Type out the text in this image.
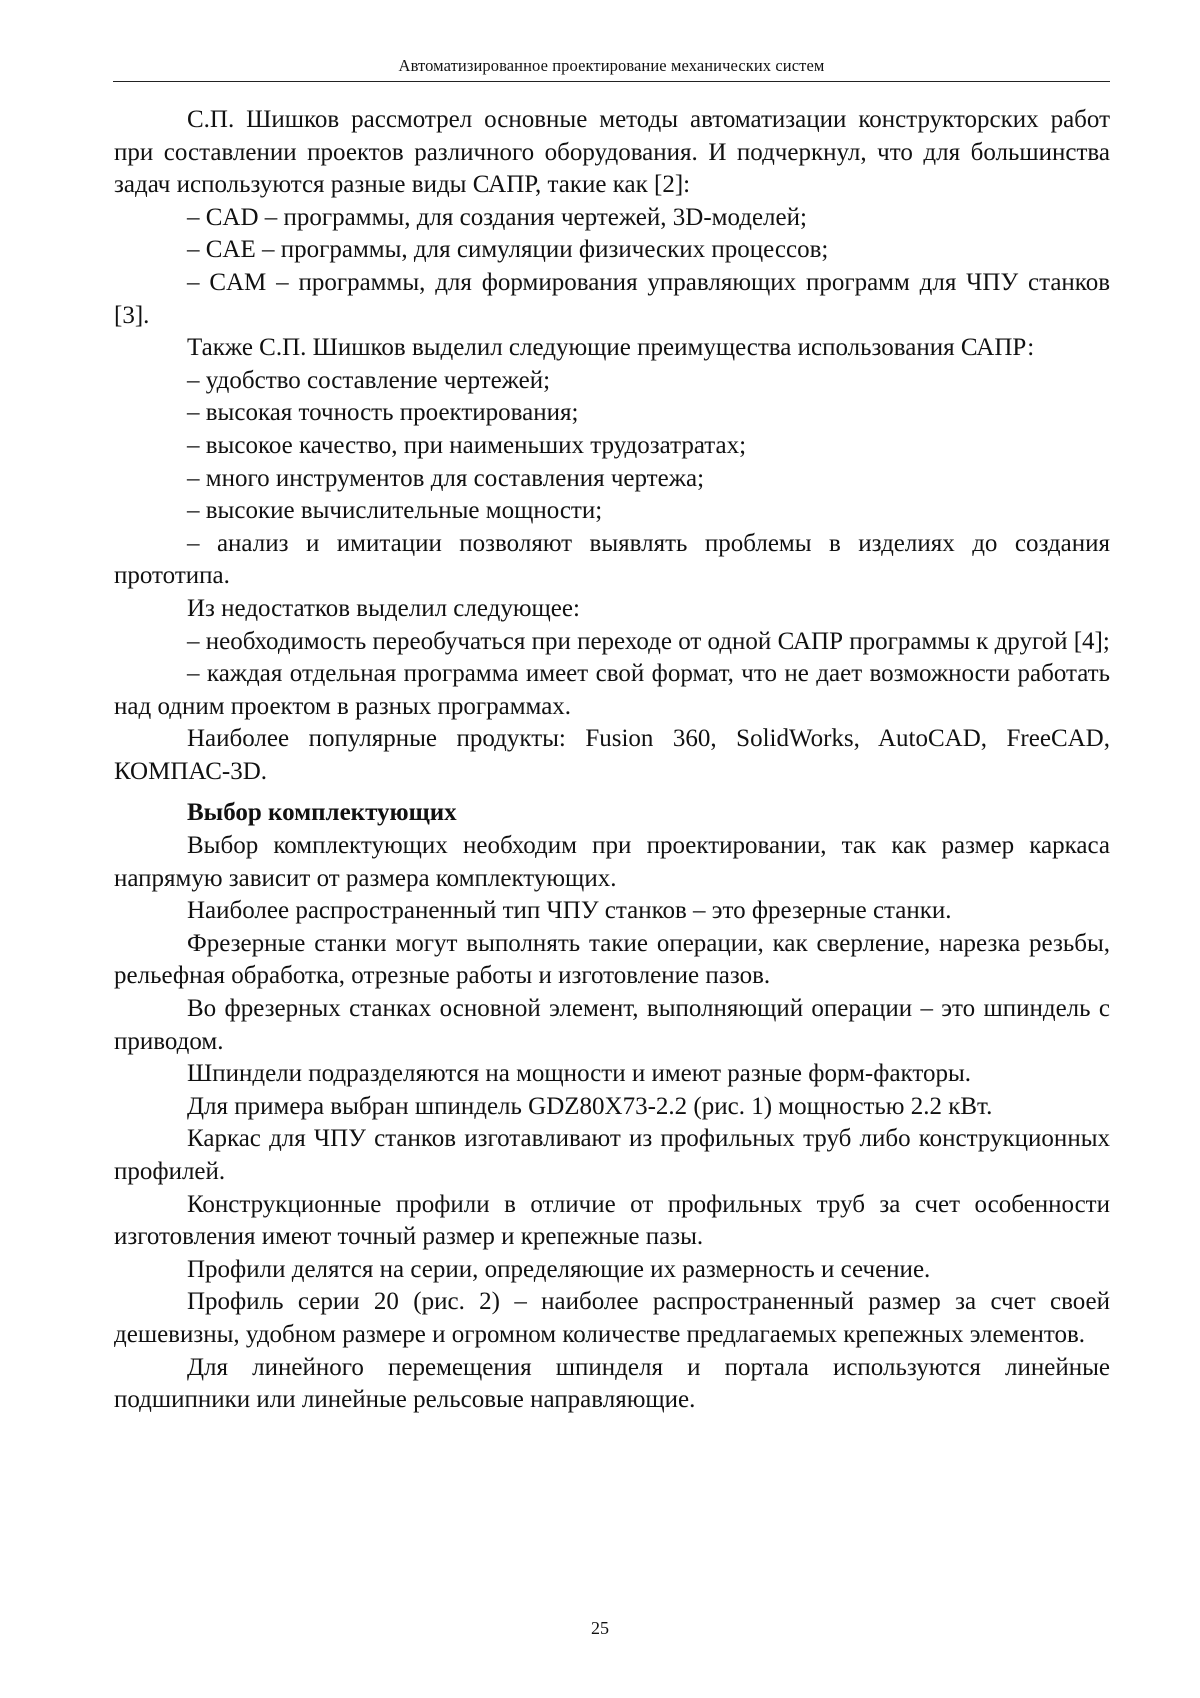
Автоматизированное проектирование механических систем

С.П. Шишков рассмотрел основные методы автоматизации конструкторских работ при составлении проектов различного оборудования. И подчеркнул, что для большинства задач используются разные виды САПР, такие как [2]:

– CAD – программы, для создания чертежей, 3D-моделей;

– CAE – программы, для симуляции физических процессов;

– CAM – программы, для формирования управляющих программ для ЧПУ станков [3].

Также С.П. Шишков выделил следующие преимущества использования САПР:

– удобство составление чертежей;

– высокая точность проектирования;

– высокое качество, при наименьших трудозатратах;

– много инструментов для составления чертежа;

– высокие вычислительные мощности;

– анализ и имитации позволяют выявлять проблемы в изделиях до создания прототипа.

Из недостатков выделил следующее:

– необходимость переобучаться при переходе от одной САПР программы к другой [4];

– каждая отдельная программа имеет свой формат, что не дает возможности работать над одним проектом в разных программах.

Наиболее популярные продукты: Fusion 360, SolidWorks, AutoCAD, FreeCAD, КОМПАС-3D.

Выбор комплектующих

Выбор комплектующих необходим при проектировании, так как размер каркаса напрямую зависит от размера комплектующих.

Наиболее распространенный тип ЧПУ станков – это фрезерные станки.

Фрезерные станки могут выполнять такие операции, как сверление, нарезка резьбы, рельефная обработка, отрезные работы и изготовление пазов.

Во фрезерных станках основной элемент, выполняющий операции – это шпиндель с приводом.

Шпиндели подразделяются на мощности и имеют разные форм-факторы.

Для примера выбран шпиндель GDZ80X73-2.2 (рис. 1) мощностью 2.2 кВт.

Каркас для ЧПУ станков изготавливают из профильных труб либо конструкционных профилей.

Конструкционные профили в отличие от профильных труб за счет особенности изготовления имеют точный размер и крепежные пазы.

Профили делятся на серии, определяющие их размерность и сечение.

Профиль серии 20 (рис. 2) – наиболее распространенный размер за счет своей дешевизны, удобном размере и огромном количестве предлагаемых крепежных элементов.

Для линейного перемещения шпинделя и портала используются линейные подшипники или линейные рельсовые направляющие.

25
